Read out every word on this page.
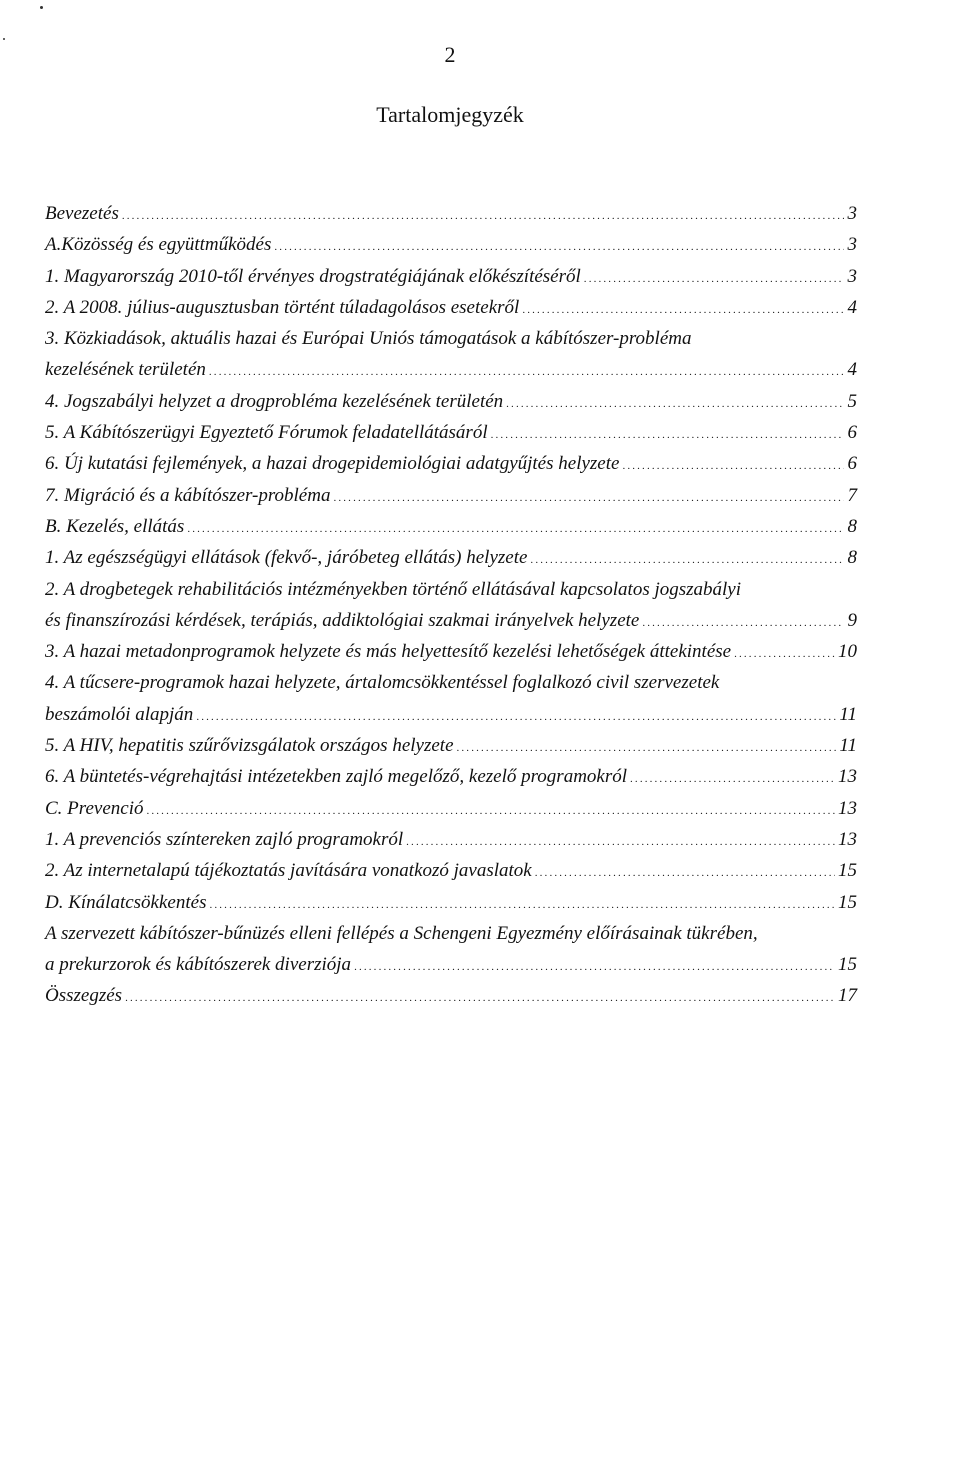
2
Tartalomjegyzék
Bevezetés . . .	3
A.Közösség és együttműködés . . .	3
1. Magyarország 2010-től érvényes drogstratégiájának előkészítéséről . . .	3
2. A 2008. július-augusztusban történt túladagolásos esetekről . . .	4
3. Közkiadások, aktuális hazai és Európai Uniós támogatások a kábítószer-probléma
kezelésének területén . . .	4
4. Jogszabályi helyzet a drogprobléma kezelésének területén . . .	5
5. A Kábítószerügyi Egyeztető Fórumok feladatellátásáról . . .	6
6. Új kutatási fejlemények, a hazai drogepidemiológiai adatgyűjtés helyzete . . .	6
7. Migráció és a kábítószer-probléma . . .	7
B. Kezelés, ellátás . . .	8
1. Az egészségügyi ellátások (fekvő-, járóbeteg ellátás) helyzete . . .	8
2. A drogbetegek rehabilitációs intézményekben történő ellátásával kapcsolatos jogszabályi
és finanszírozási kérdések, terápiás, addiktológiai szakmai irányelvek helyzete . . .	9
3. A hazai metadonprogramok helyzete és más helyettesítő kezelési lehetőségek áttekintése . . .	10
4. A tűcsere-programok hazai helyzete, ártalomcsökkentéssel foglalkozó civil szervezetek
beszámolói alapján . . .	11
5. A HIV, hepatitis szűrővizsgálatok országos helyzete . . .	11
6. A büntetés-végrehajtási intézetekben zajló megelőző, kezelő programokról . . .	13
C. Prevenció . . .	13
1. A prevenciós színtereken zajló programokról . . .	13
2. Az internetalapú tájékoztatás javítására vonatkozó javaslatok . . .	15
D. Kínálatcsökkentés . . .	15
A szervezett kábítószer-bűnüzés elleni fellépés a Schengeni Egyezmény előírásainak tükrében,
a prekurzorok és kábítószerek diverziója . . .	15
Összegzés . . .	17
